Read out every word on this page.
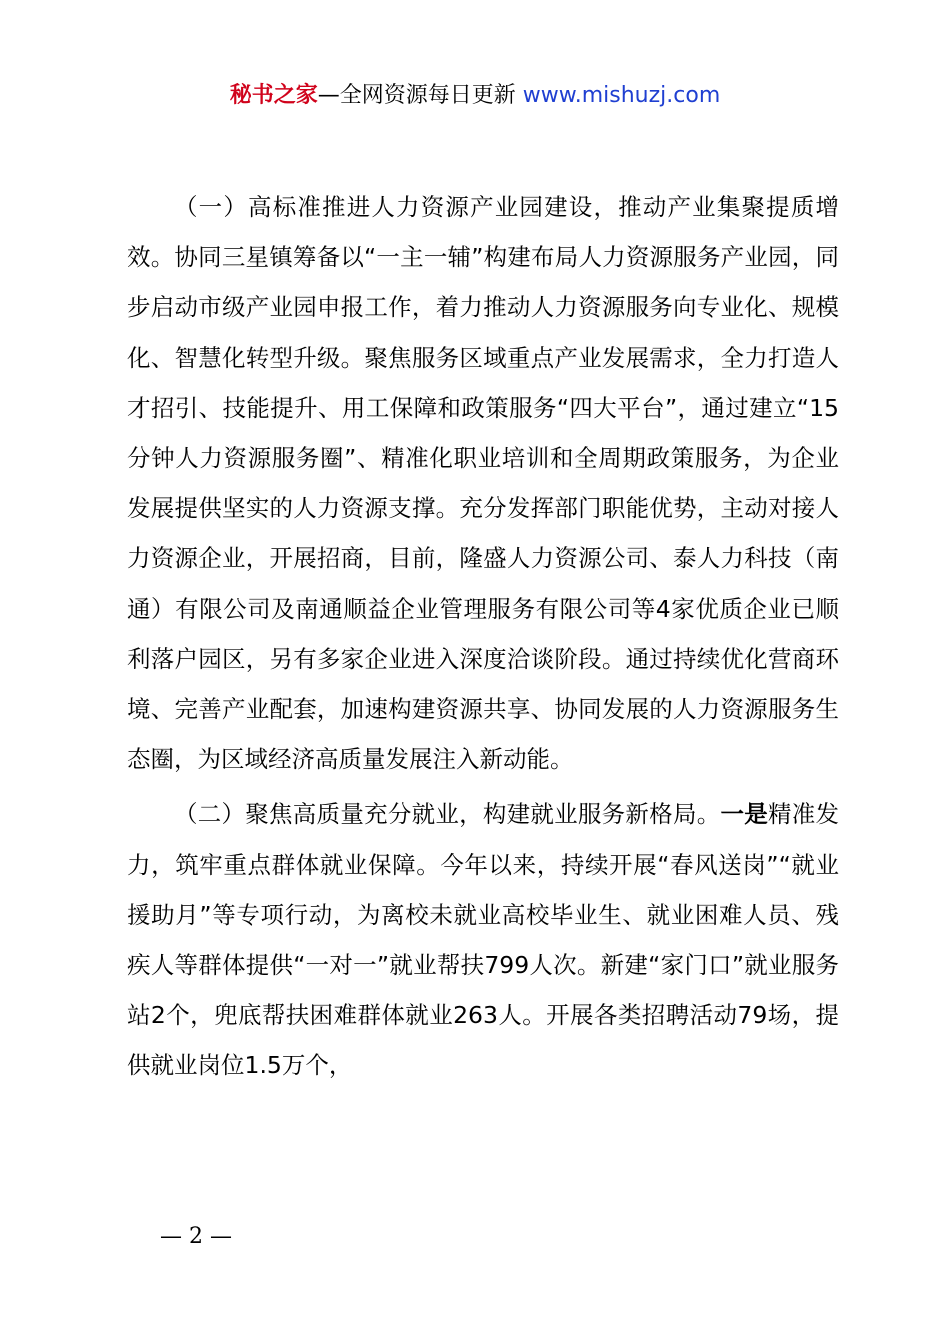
秘书之家—全网资源每日更新 www.mishuzj.com

（一）高标准推进人力资源产业园建设，推动产业集聚提质增效。协同三星镇筹备以“一主一辅”构建布局人力资源服务产业园，同步启动市级产业园申报工作，着力推动人力资源服务向专业化、规模化、智慧化转型升级。聚焦服务区域重点产业发展需求，全力打造人才招引、技能提升、用工保障和政策服务“四大平台”，通过建立“15分钟人力资源服务圈”、精准化职业培训和全周期政策服务，为企业发展提供坚实的人力资源支撑。充分发挥部门职能优势，主动对接人力资源企业，开展招商，目前，隆盛人力资源公司、泰人力科技（南通）有限公司及南通顺益企业管理服务有限公司等4家优质企业已顺利落户园区，另有多家企业进入深度洽谈阶段。通过持续优化营商环境、完善产业配套，加速构建资源共享、协同发展的人力资源服务生态圈，为区域经济高质量发展注入新动能。

（二）聚焦高质量充分就业，构建就业服务新格局。一是精准发力，筑牢重点群体就业保障。今年以来，持续开展“春风送岗”“就业援助月”等专项行动，为离校未就业高校毕业生、就业困难人员、残疾人等群体提供“一对一”就业帮扶799人次。新建“家门口”就业服务站2个，兜底帮扶困难群体就业263人。开展各类招聘活动79场，提供就业岗位1.5万个，

— 2 —
